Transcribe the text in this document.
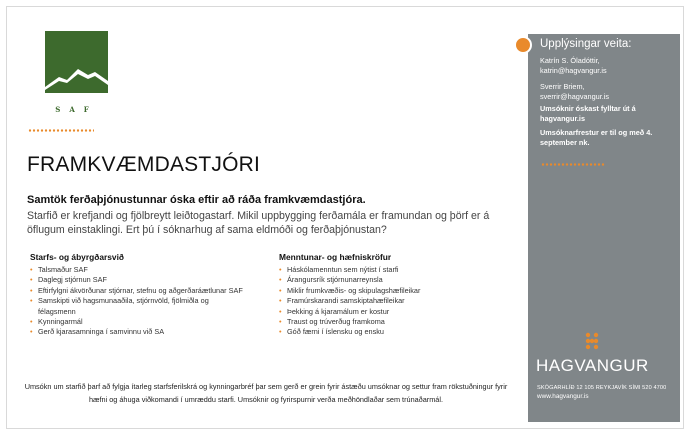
SAF
FRAMKVÆMDASTJÓRI
Samtök ferðaþjónustunnar óska eftir að ráða framkvæmdastjóra.
Starfið er krefjandi og fjölbreytt leiðtogastarf. Mikil uppbygging ferðamála er framundan og þörf er á öflugum einstaklingi. Ert þú í sóknarhug af sama eldmóði og ferðaþjónustan?
Starfs- og ábyrgðarsvið
• Talsmaður SAF
• Daglegj stjórnun SAF
• Eftirfylgni ákvörðunar stjórnar, stefnu og aðgerðaráætlunar SAF
• Samskipti við hagsmunaaðila, stjórnvöld, fjölmiðla og félagsmenn
• Kynningarmál
• Gerð kjarasamninga í samvinnu við SA
Menntunar- og hæfniskröfur
• Háskólamenntun sem nýtist í starfi
• Árangursrík stjórnunarreynsla
• Miklir frumkvæðis- og skipulagshæfileikar
• Framúrskarandi samskiptahæfileikar
• Þekking á kjaramálum er kostur
• Traust og trúverðug framkoma
• Góð færni í íslensku og ensku
Umsókn um starfið þarf að fylgja ítarleg starfsferilskrá og kynningarbréf þar sem gerð er grein fyrir ástæðu umsóknar og settur fram rökstuðningur fyrir hæfni og áhuga viðkomandi í umræddu starfi. Umsóknir og fyrirspurnir verða meðhöndlaðar sem trúnaðarmál.
Upplýsingar veita:
Katrín S. Óladóttir,
katrin@hagvangur.is
Sverrir Briem,
sverrir@hagvangur.is
Umsóknir óskast fylltar út á hagvangur.is
Umsóknarfrestur er til og með 4. september nk.
HAGVANGUR
SKÓGARHLÍÐ 12 105 REYKJAVÍK SÍMI 520 4700
www.hagvangur.is
